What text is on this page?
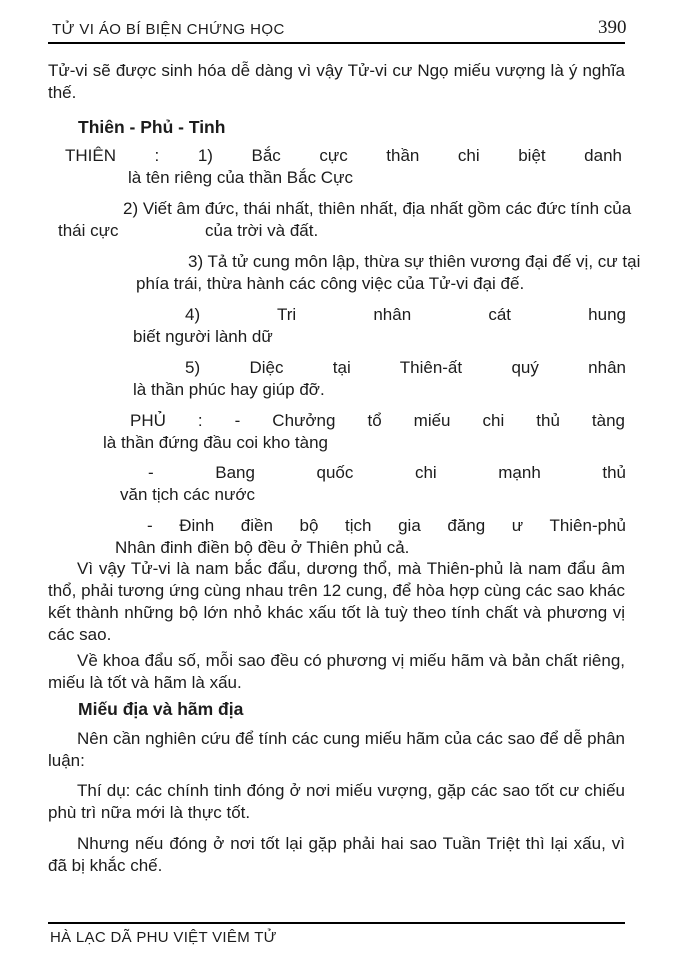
TỬ VI ÁO BÍ BIỆN CHỨNG HỌC	390
Tử-vi sẽ được sinh hóa dễ dàng vì vậy Tử-vi cư Ngọ miếu vượng là ý nghĩa thế.
Thiên - Phủ - Tinh
THIÊN : 1) Bắc cực thần chi biệt danh
là tên riêng của thần Bắc Cực
2) Viết âm đức, thái nhất, thiên nhất, địa nhất gồm các đức tính của
thái cực	của trời và đất.
3) Tả tử cung môn lập, thừa sự thiên vương đại đế vị, cư tại
phía trái, thừa hành các công việc của Tử-vi đại đế.
4) Tri nhân cát hung
biết người lành dữ
5) Diệc tại Thiên-ất quý nhân
là thần phúc hay giúp đỡ.
PHỦ : - Chưởng tổ miếu chi thủ tàng
là thần đứng đầu coi kho tàng
- Bang quốc chi mạnh thủ
văn tịch các nước
- Đinh điền bộ tịch gia đăng ư Thiên-phủ
Nhân đinh điền bộ đều ở Thiên phủ cả.
Vì vậy Tử-vi là nam bắc đẩu, dương thổ, mà Thiên-phủ là nam đẩu âm thổ, phải tương ứng cùng nhau trên 12 cung, để hòa hợp cùng các sao khác kết thành những bộ lớn nhỏ khác xấu tốt là tuỳ theo tính chất và phương vị các sao.
Về khoa đẩu số, mỗi sao đều có phương vị miếu hãm và bản chất riêng, miếu là tốt và hãm là xấu.
Miếu địa và hãm địa
Nên cần nghiên cứu để tính các cung miếu hãm của các sao để dễ phân luận:
Thí dụ: các chính tinh đóng ở nơi miếu vượng, gặp các sao tốt cư chiếu phù trì nữa mới là thực tốt.
Nhưng nếu đóng ở nơi tốt lại gặp phải hai sao Tuần Triệt thì lại xấu, vì đã bị khắc chế.
HÀ LẠC DÃ PHU VIỆT VIÊM TỬ
